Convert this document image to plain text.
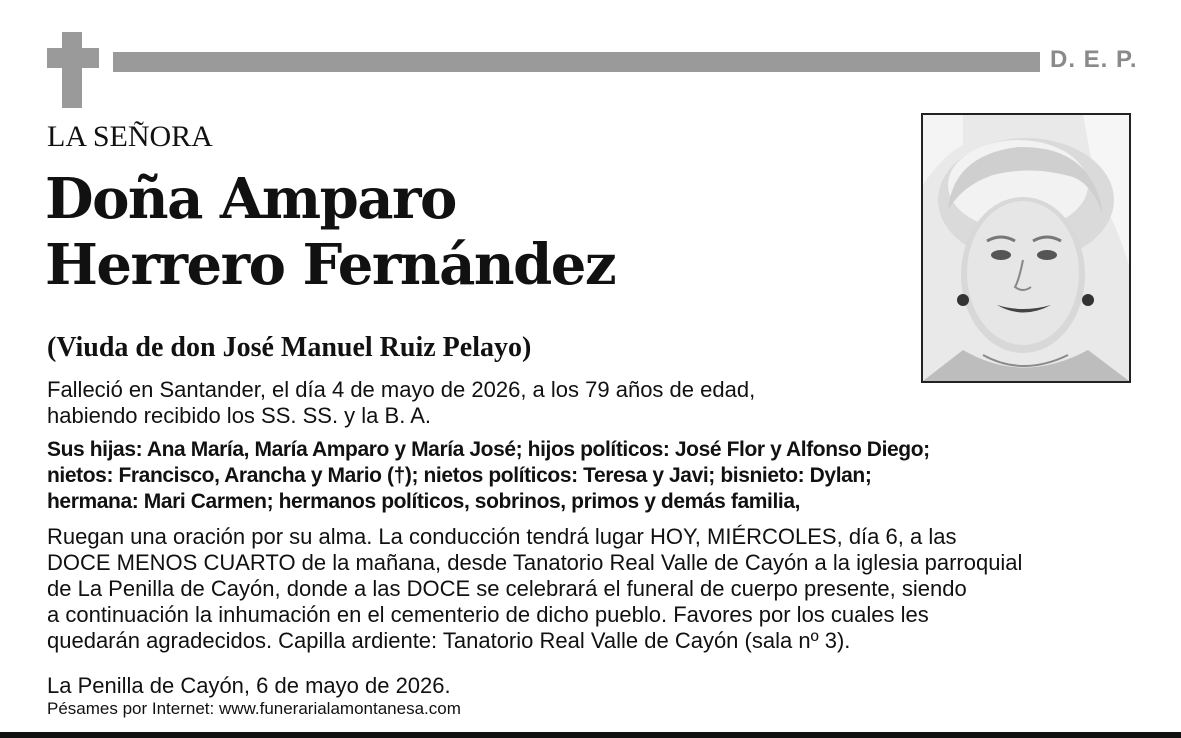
D. E. P.
LA SEÑORA
Doña Amparo
Herrero Fernández
(Viuda de don José Manuel Ruiz Pelayo)
Falleció en Santander, el día 4 de mayo de 2026, a los 79 años de edad,
habiendo recibido los SS. SS. y la B. A.
Sus hijas: Ana María, María Amparo y María José; hijos políticos: José Flor y Alfonso Diego;
nietos: Francisco, Arancha y Mario (†); nietos políticos: Teresa y Javi; bisnieto: Dylan;
hermana: Mari Carmen; hermanos políticos, sobrinos, primos y demás familia,
Ruegan una oración por su alma. La conducción tendrá lugar HOY, MIÉRCOLES, día 6, a las
DOCE MENOS CUARTO de la mañana, desde Tanatorio Real Valle de Cayón a la iglesia parroquial
de La Penilla de Cayón, donde a las DOCE se celebrará el funeral de cuerpo presente, siendo
a continuación la inhumación en el cementerio de dicho pueblo. Favores por los cuales les
quedarán agradecidos. Capilla ardiente: Tanatorio Real Valle de Cayón (sala nº 3).
La Penilla de Cayón, 6 de mayo de 2026.
Pésames por Internet: www.funerarialamontanesa.com
